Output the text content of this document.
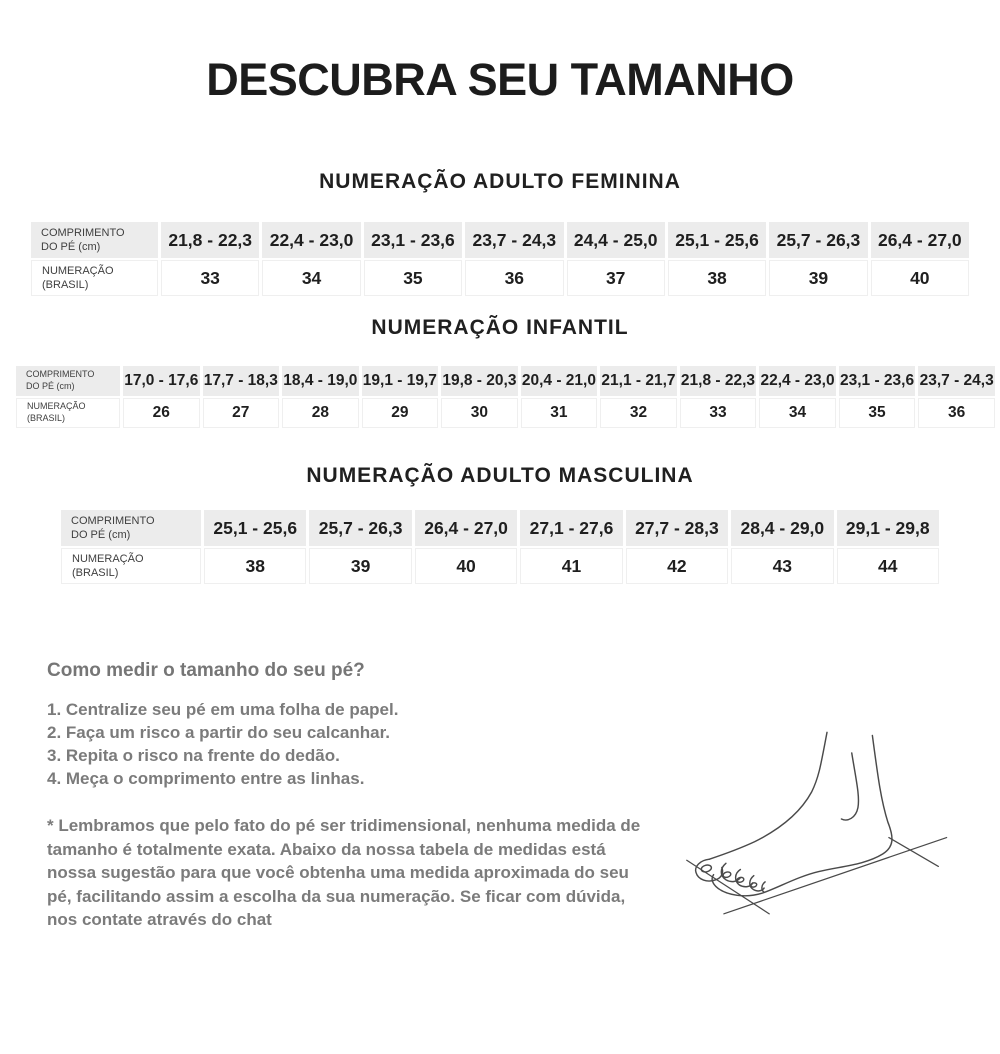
DESCUBRA SEU TAMANHO
NUMERAÇÃO ADULTO FEMININA
COMPRIMENTO
DO PÉ (cm)	21,8 - 22,3	22,4 - 23,0	23,1 - 23,6	23,7 - 24,3	24,4 - 25,0	25,1 - 25,6	25,7 - 26,3	26,4 - 27,0
NUMERAÇÃO
(BRASIL)	33	34	35	36	37	38	39	40
NUMERAÇÃO INFANTIL
COMPRIMENTO
DO PÉ (cm)	17,0 - 17,6	17,7 - 18,3	18,4 - 19,0	19,1 - 19,7	19,8 - 20,3	20,4 - 21,0	21,1 - 21,7	21,8 - 22,3	22,4 - 23,0	23,1 - 23,6	23,7 - 24,3
NUMERAÇÃO
(BRASIL)	26	27	28	29	30	31	32	33	34	35	36
NUMERAÇÃO ADULTO MASCULINA
COMPRIMENTO
DO PÉ (cm)	25,1 - 25,6	25,7 - 26,3	26,4 - 27,0	27,1 - 27,6	27,7 - 28,3	28,4 - 29,0	29,1 - 29,8
NUMERAÇÃO
(BRASIL)	38	39	40	41	42	43	44
Como medir o tamanho do seu pé?
1. Centralize seu pé em uma folha de papel.
2. Faça um risco a partir do seu calcanhar.
3. Repita o risco na frente do dedão.
4. Meça o comprimento entre as linhas.

* Lembramos que pelo fato do pé ser tridimensional, nenhuma medida de tamanho é totalmente exata. Abaixo da nossa tabela de medidas está nossa sugestão para que você obtenha uma medida aproximada do seu pé, facilitando assim a escolha da sua numeração. Se ficar com dúvida, nos contate através do chat
